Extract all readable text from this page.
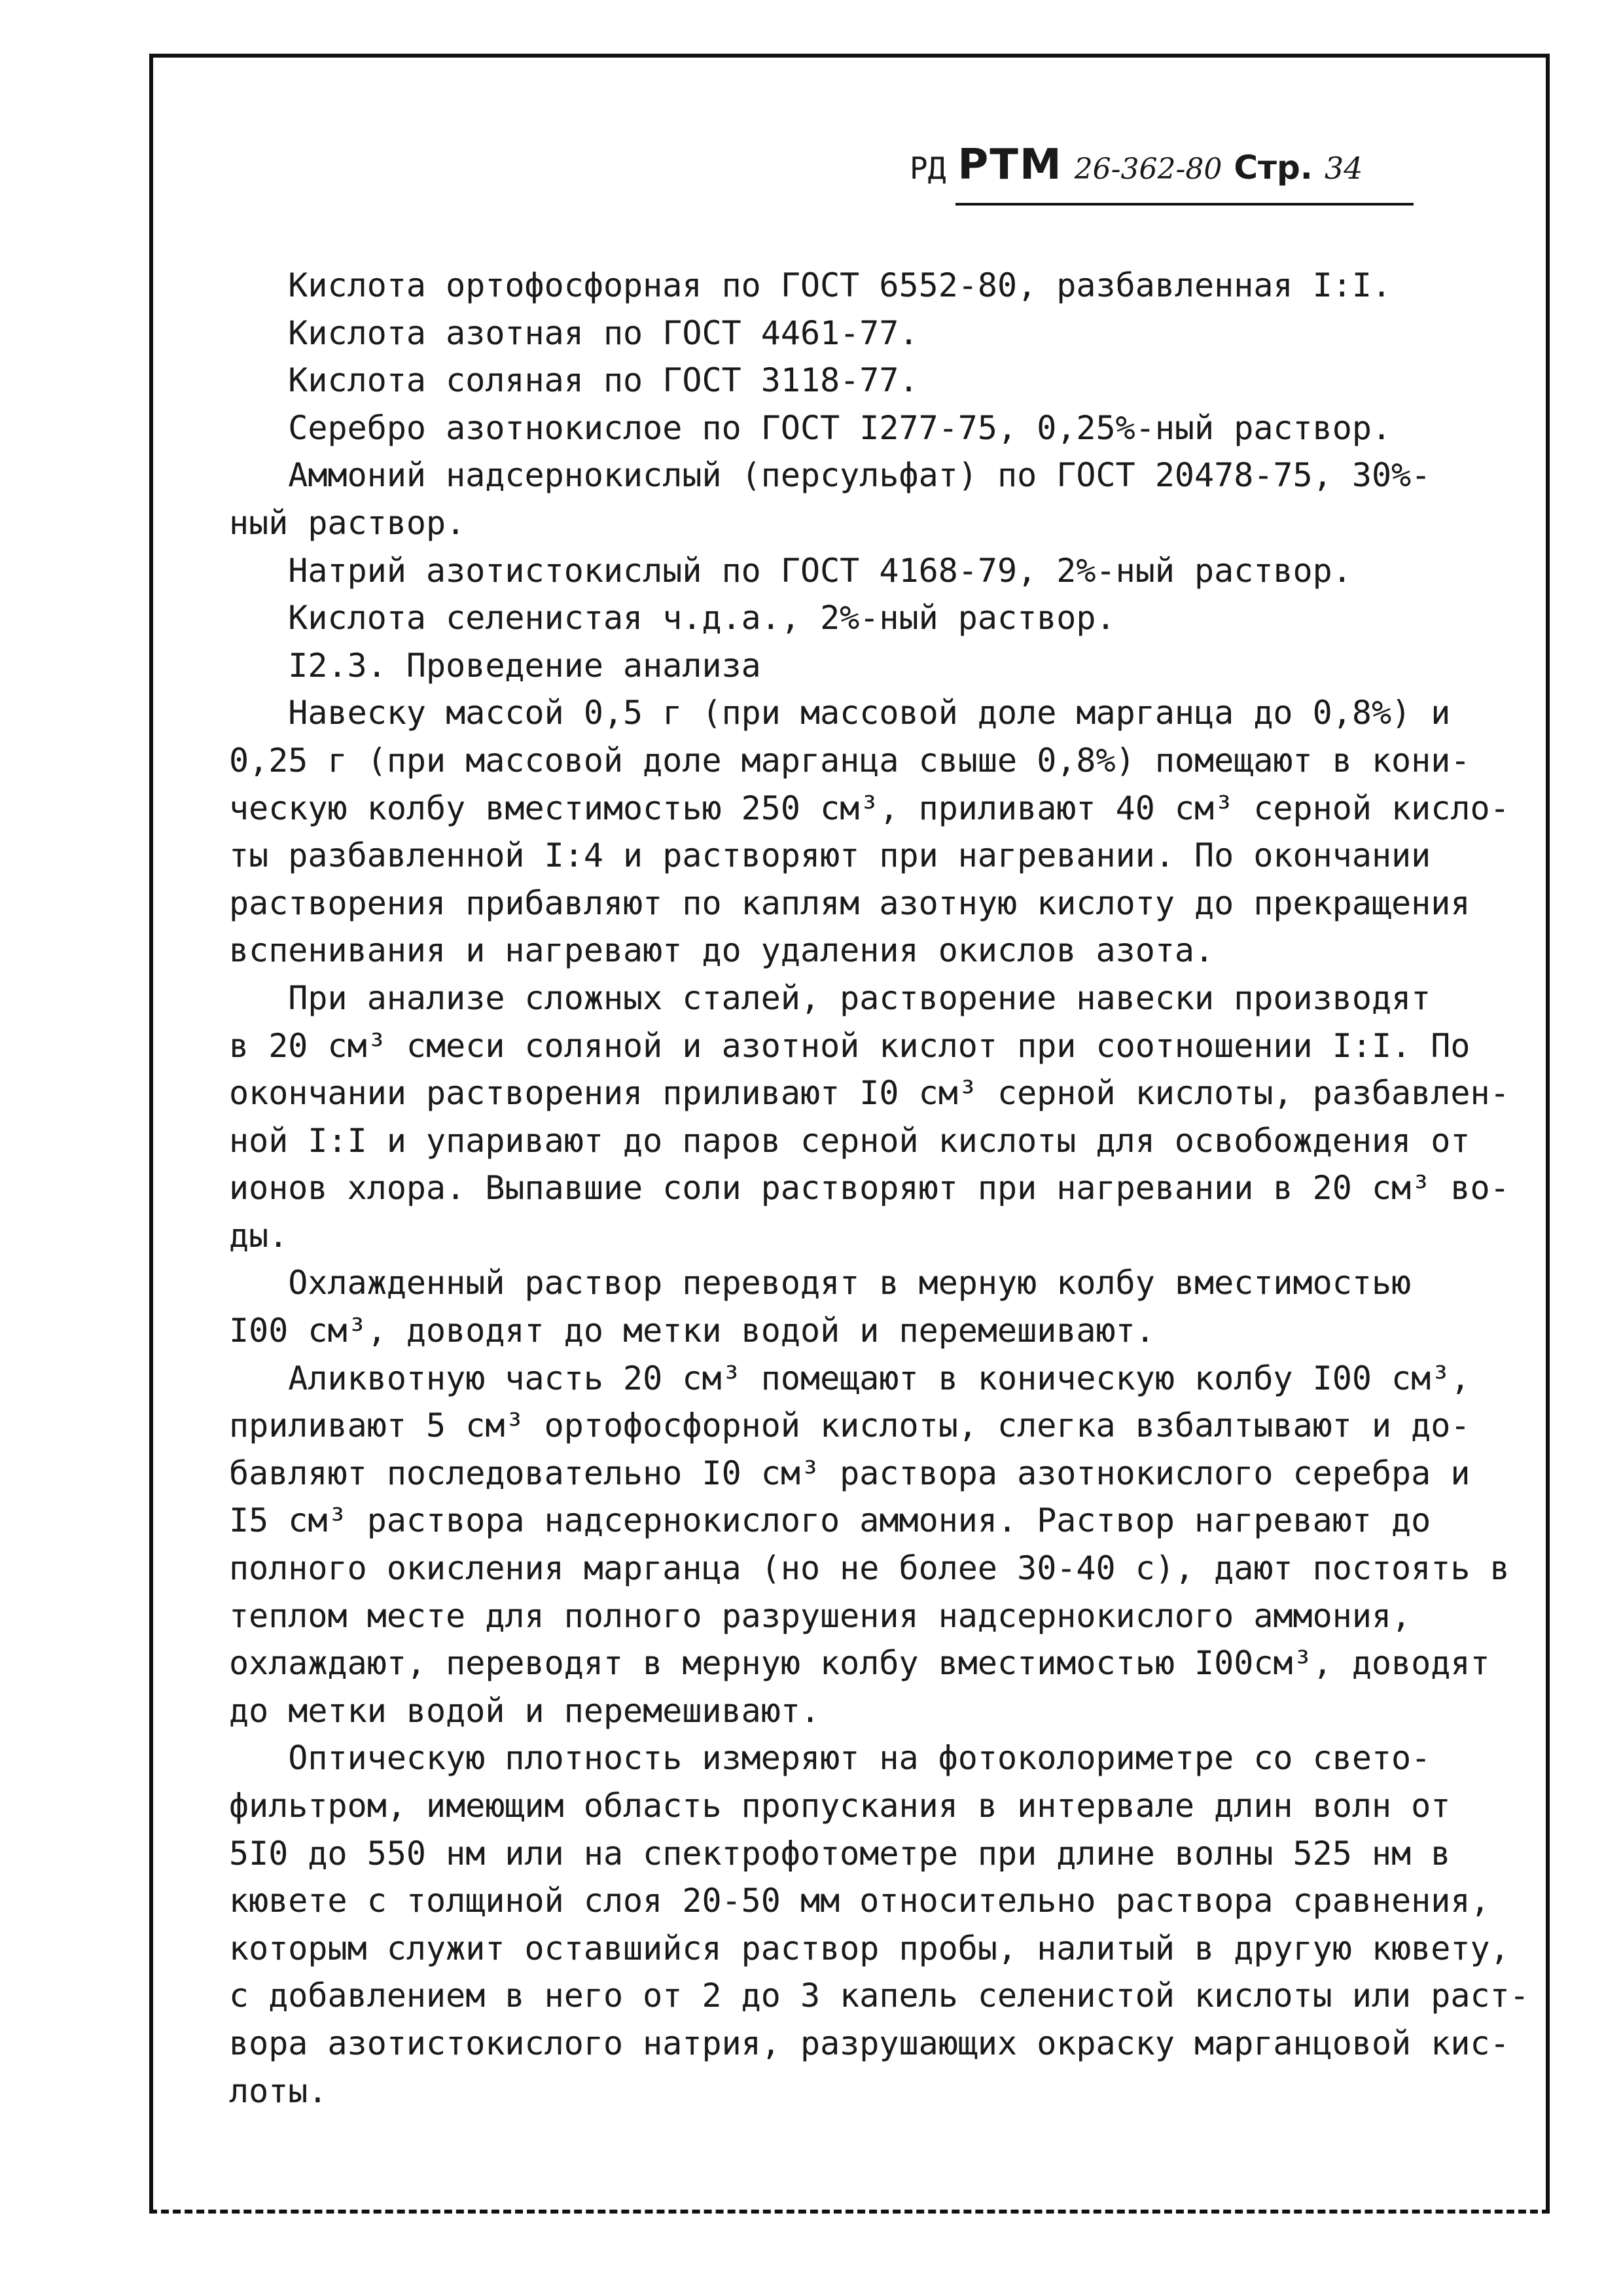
РД РТМ 26-362-80 Стр. 34
Кислота ортофосфорная по ГОСТ 6552-80, разбавленная I:I.
Кислота азотная по ГОСТ 4461-77.
Кислота соляная по ГОСТ 3118-77.
Серебро азотнокислое по ГОСТ I277-75, 0,25%-ный раствор.
Аммоний надсернокислый (персульфат) по ГОСТ 20478-75, 30%-
ный раствор.
Натрий азотистокислый по ГОСТ 4168-79, 2%-ный раствор.
Кислота селенистая ч.д.а., 2%-ный раствор.
I2.3. Проведение анализа
Навеску массой 0,5 г (при массовой доле марганца до 0,8%) и
0,25 г (при массовой доле марганца свыше 0,8%) помещают в кони-
ческую колбу вместимостью 250 см³, приливают 40 см³ серной кисло-
ты разбавленной I:4 и растворяют при нагревании. По окончании
растворения прибавляют по каплям азотную кислоту до прекращения
вспенивания и нагревают до удаления окислов азота.
При анализе сложных сталей, растворение навески производят
в 20 см³ смеси соляной и азотной кислот при соотношении I:I. По
окончании растворения приливают I0 см³ серной кислоты, разбавлен-
ной I:I и упаривают до паров серной кислоты для освобождения от
ионов хлора. Выпавшие соли растворяют при нагревании в 20 см³ во-
ды.
Охлажденный раствор переводят в мерную колбу вместимостью
I00 см³, доводят до метки водой и перемешивают.
Аликвотную часть 20 см³ помещают в коническую колбу I00 см³,
приливают 5 см³ ортофосфорной кислоты, слегка взбалтывают и до-
бавляют последовательно I0 см³ раствора азотнокислого серебра и
I5 см³ раствора надсернокислого аммония. Раствор нагревают до
полного окисления марганца (но не более 30-40 с), дают постоять в
теплом месте для полного разрушения надсернокислого аммония,
охлаждают, переводят в мерную колбу вместимостью I00см³, доводят
до метки водой и перемешивают.
Оптическую плотность измеряют на фотоколориметре со свето-
фильтром, имеющим область пропускания в интервале длин волн от
5I0 до 550 нм или на спектрофотометре при длине волны 525 нм в
кювете с толщиной слоя 20-50 мм относительно раствора сравнения,
которым служит оставшийся раствор пробы, налитый в другую кювету,
с добавлением в него от 2 до 3 капель селенистой кислоты или раст-
вора азотистокислого натрия, разрушающих окраску марганцовой кис-
лоты.
